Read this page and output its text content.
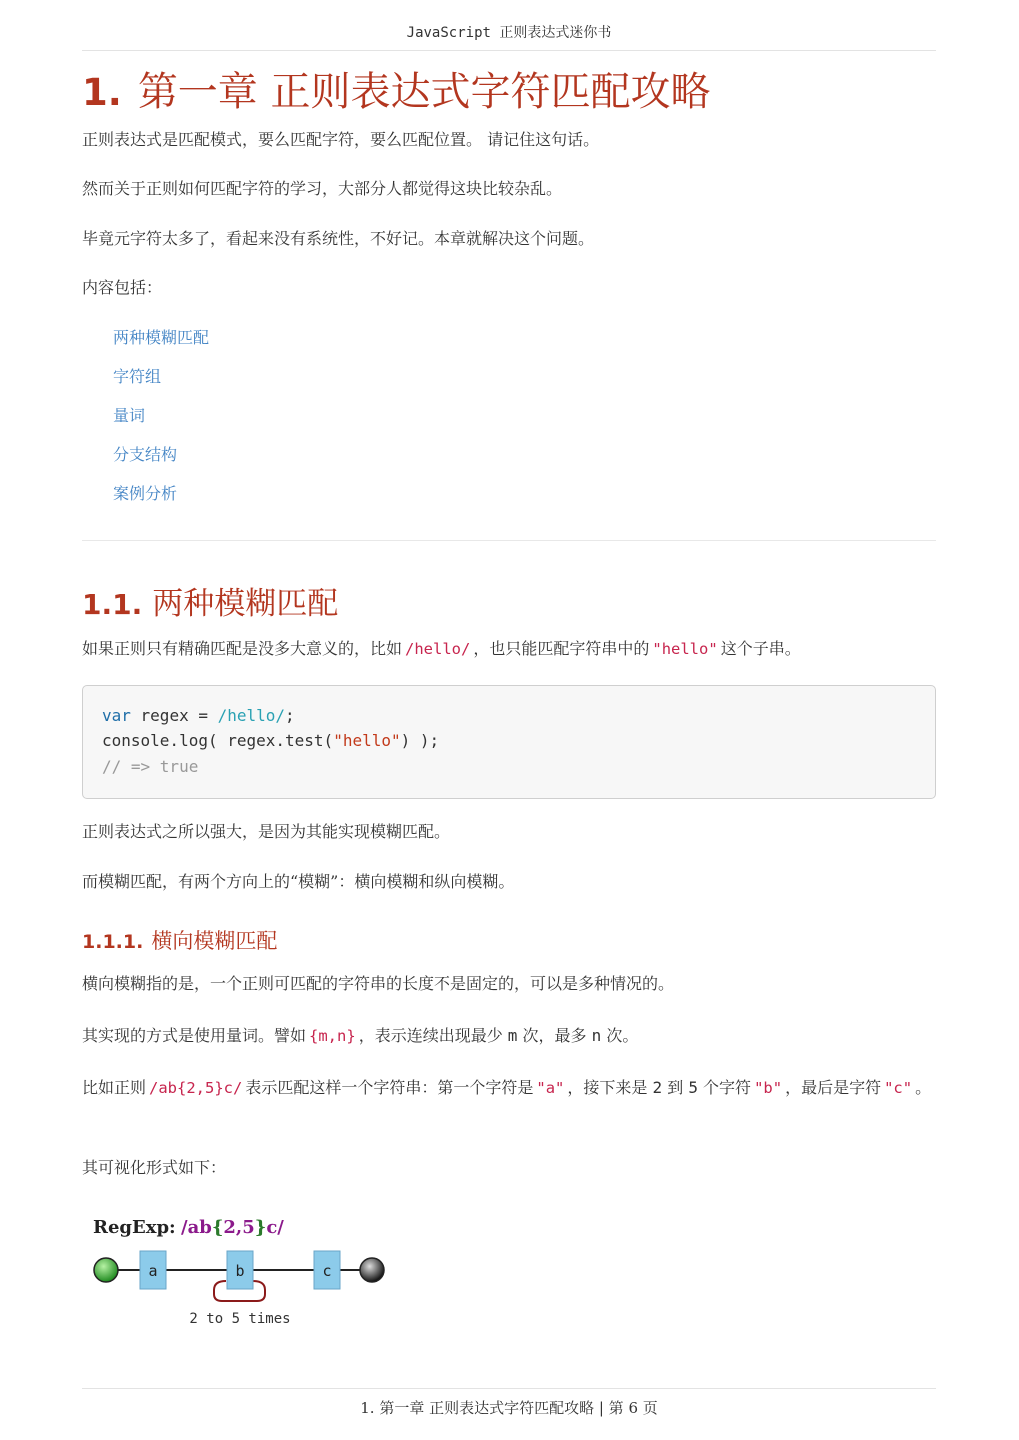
JavaScript 正则表达式迷你书
1. 第一章 正则表达式字符匹配攻略
正则表达式是匹配模式，要么匹配字符，要么匹配位置。 请记住这句话。
然而关于正则如何匹配字符的学习，大部分人都觉得这块比较杂乱。
毕竟元字符太多了，看起来没有系统性，不好记。本章就解决这个问题。
内容包括：
两种模糊匹配
字符组
量词
分支结构
案例分析
1.1. 两种模糊匹配
如果正则只有精确匹配是没多大意义的，比如 /hello/ ，也只能匹配字符串中的 "hello" 这个子串。
var regex = /hello/;
console.log( regex.test("hello") );
// => true
正则表达式之所以强大，是因为其能实现模糊匹配。
而模糊匹配，有两个方向上的“模糊”：横向模糊和纵向模糊。
1.1.1. 横向模糊匹配
横向模糊指的是，一个正则可匹配的字符串的长度不是固定的，可以是多种情况的。
其实现的方式是使用量词。譬如 {m,n} ，表示连续出现最少 m 次，最多 n 次。
比如正则 /ab{2,5}c/ 表示匹配这样一个字符串：第一个字符是 "a" ，接下来是 2 到 5 个字符 "b" ，最后是字符 "c" 。
其可视化形式如下：
RegExp: /ab{2,5}c/
a	b	c
2 to 5 times
1. 第一章 正则表达式字符匹配攻略 | 第 6 页
